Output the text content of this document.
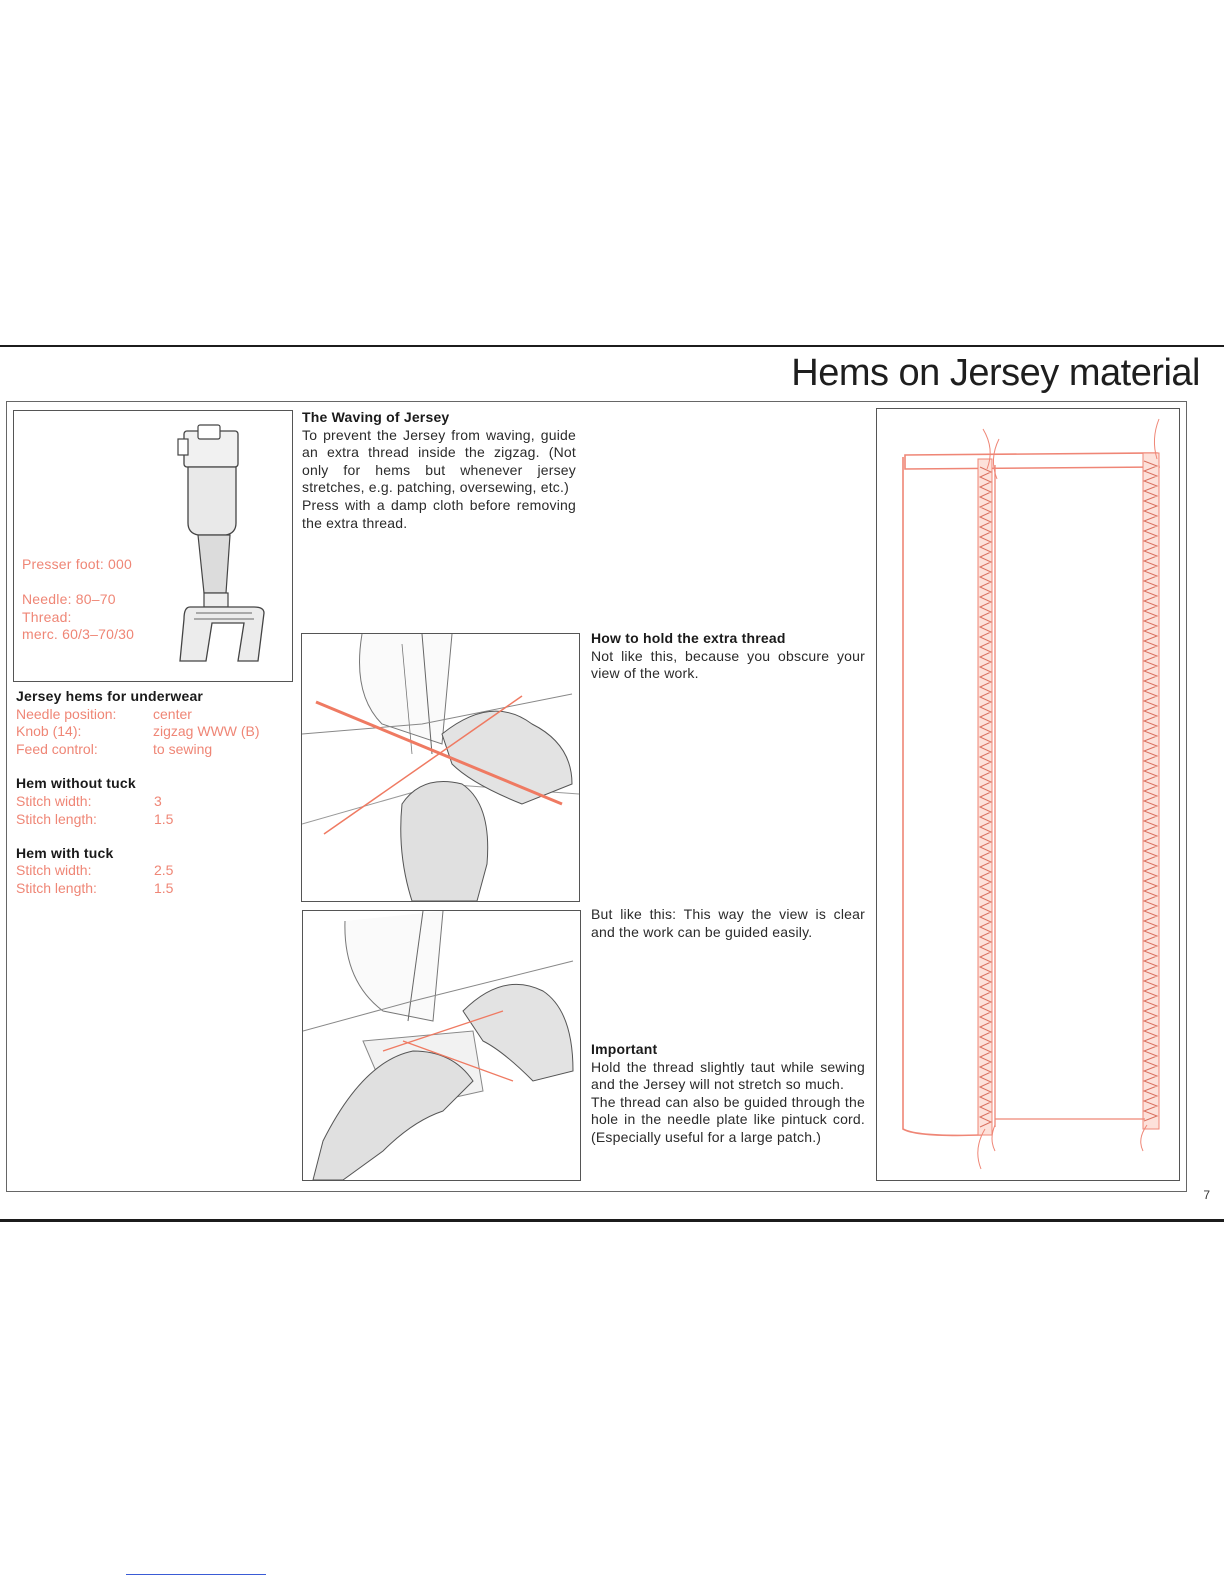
Hems on Jersey material
Presser foot: 000
Needle: 80–70
Thread:
merc. 60/3–70/30
Jersey hems for underwear
Needle position:	center
Knob (14):	zigzag WWW (B)
Feed control:	to sewing
Hem without tuck
Stitch width:	3
Stitch length:	1.5
Hem with tuck
Stitch width:	2.5
Stitch length:	1.5
The Waving of Jersey
To prevent the Jersey from waving, guide an extra thread inside the zigzag. (Not only for hems but whenever jersey stretches, e.g. patching, oversewing, etc.)
Press with a damp cloth before removing the extra thread.
How to hold the extra thread
Not like this, because you obscure your view of the work.
But like this: This way the view is clear and the work can be guided easily.
Important
Hold the thread slightly taut while sewing and the Jersey will not stretch so much.
The thread can also be guided through the hole in the needle plate like pintuck cord. (Especially useful for a large patch.)
7
